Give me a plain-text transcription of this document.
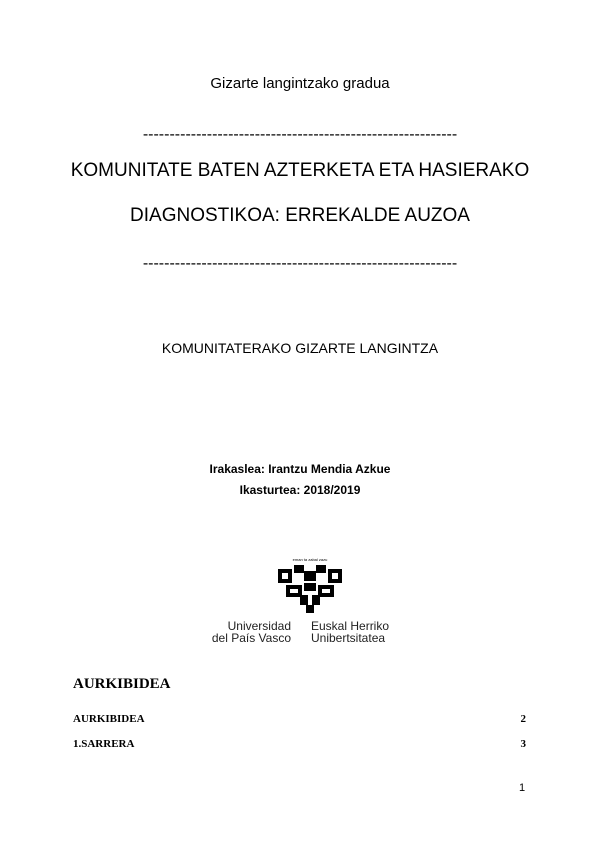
Gizarte langintzako gradua
-----------------------------------------------------------
KOMUNITATE BATEN AZTERKETA ETA HASIERAKO
DIAGNOSTIKOA: ERREKALDE AUZOA
-----------------------------------------------------------
KOMUNITATERAKO GIZARTE LANGINTZA
Irakaslea: Irantzu Mendia Azkue
Ikasturtea: 2018/2019
eman ta zabal zazu
Universidad
del País Vasco
Euskal Herriko
Unibertsitatea
AURKIBIDEA
AURKIBIDEA	2
1.SARRERA	3
1
